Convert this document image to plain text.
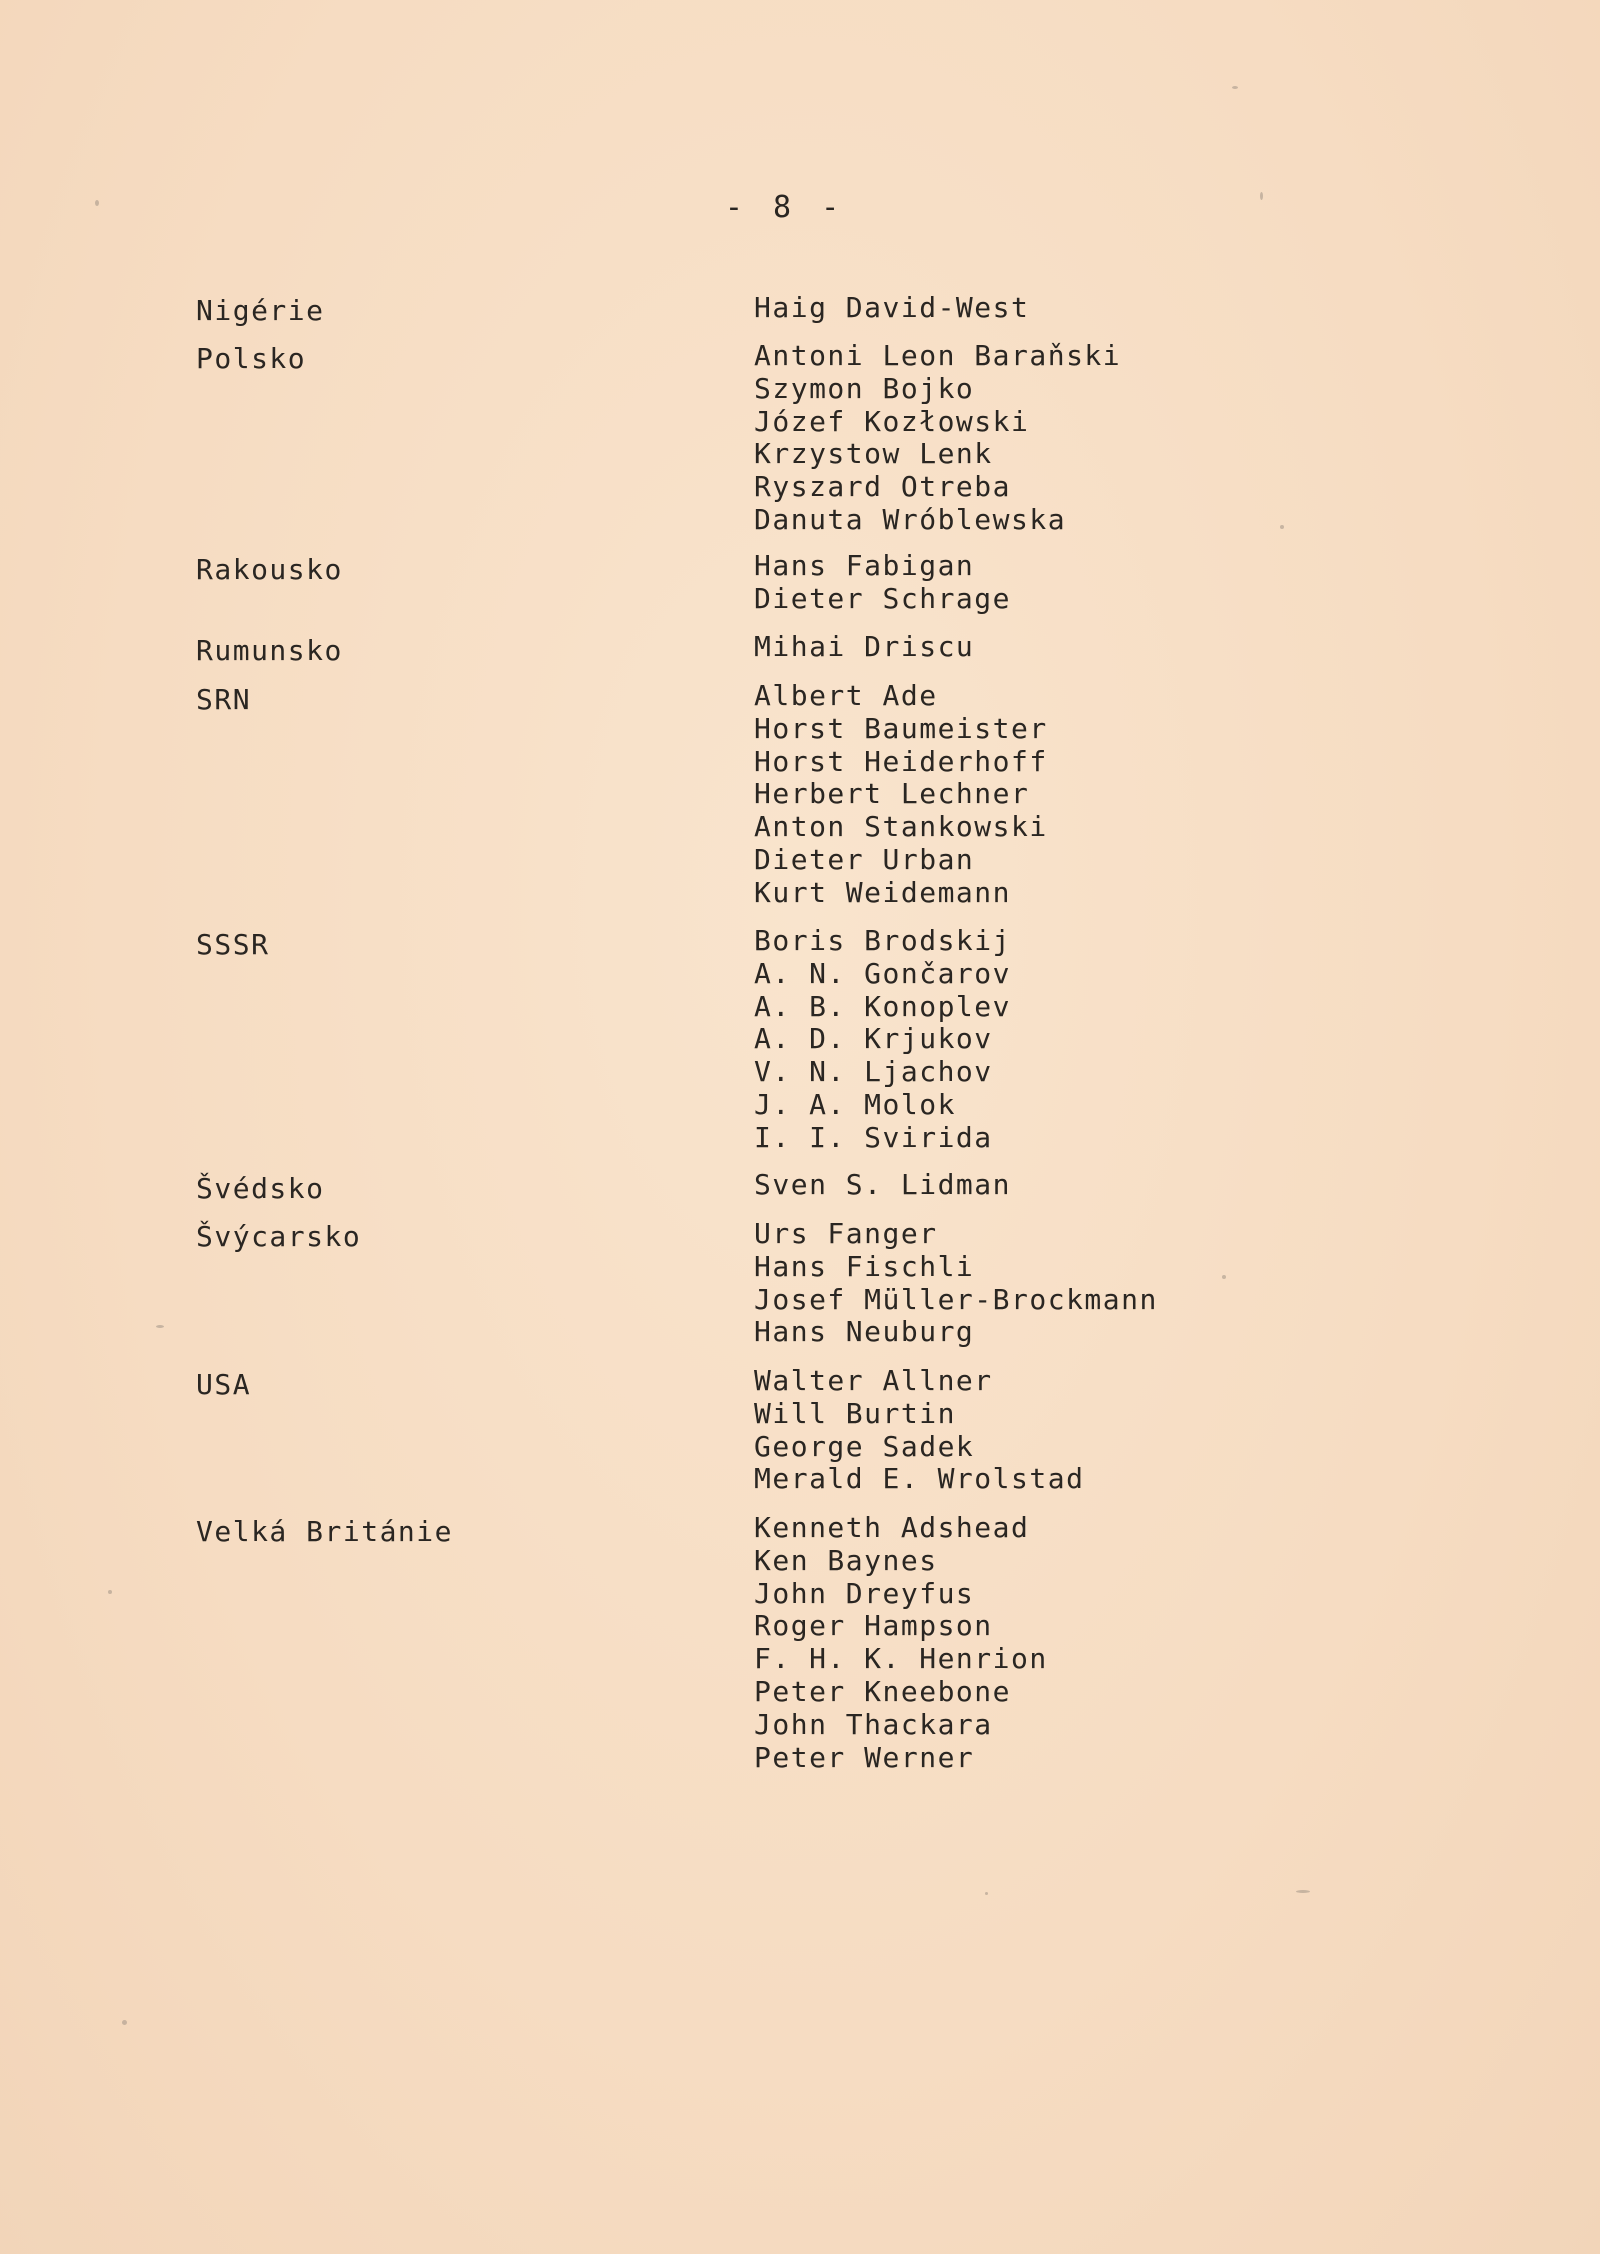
- 8 -
Nigérie	Haig David-West
Polsko	Antoni Leon Baraňski
Szymon Bojko
Józef Kozłowski
Krzystow Lenk
Ryszard Otreba
Danuta Wróblewska
Rakousko	Hans Fabigan
Dieter Schrage
Rumunsko	Mihai Driscu
SRN	Albert Ade
Horst Baumeister
Horst Heiderhoff
Herbert Lechner
Anton Stankowski
Dieter Urban
Kurt Weidemann
SSSR	Boris Brodskij
A. N. Gončarov
A. B. Konoplev
A. D. Krjukov
V. N. Ljachov
J. A. Molok
I. I. Svirida
Švédsko	Sven S. Lidman
Švýcarsko	Urs Fanger
Hans Fischli
Josef Müller-Brockmann
Hans Neuburg
USA	Walter Allner
Will Burtin
George Sadek
Merald E. Wrolstad
Velká Británie	Kenneth Adshead
Ken Baynes
John Dreyfus
Roger Hampson
F. H. K. Henrion
Peter Kneebone
John Thackara
Peter Werner
